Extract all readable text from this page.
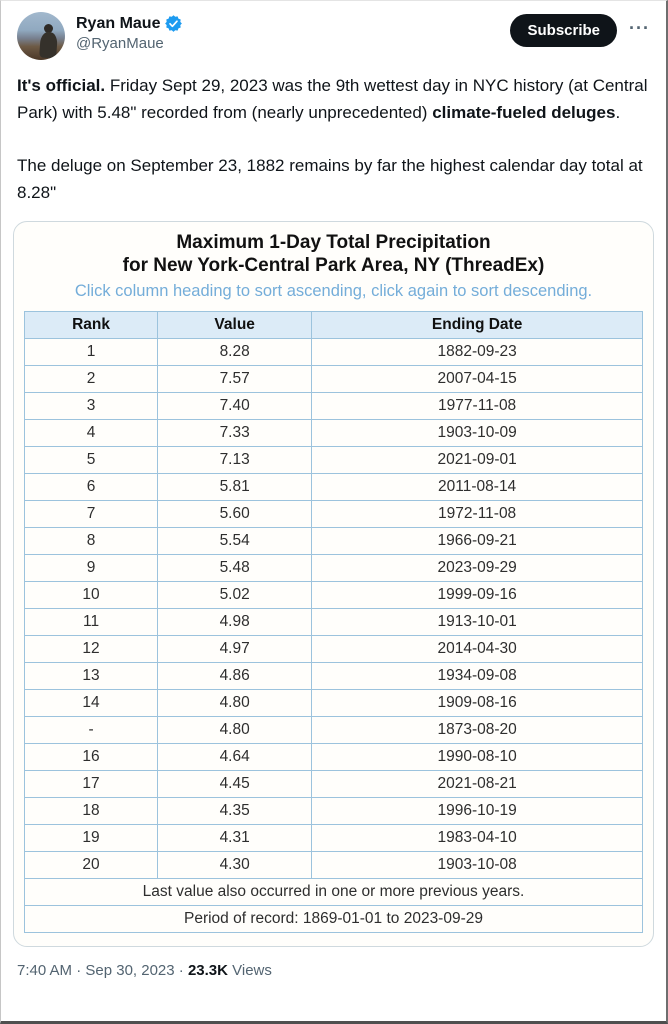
Ryan Maue
@RyanMaue
Subscribe	···

It's official. Friday Sept 29, 2023 was the 9th wettest day in NYC history (at Central Park) with 5.48" recorded from (nearly unprecedented) climate-fueled deluges.

The deluge on September 23, 1882 remains by far the highest calendar day total at 8.28"

Maximum 1-Day Total Precipitation
for New York-Central Park Area, NY (ThreadEx)
Click column heading to sort ascending, click again to sort descending.
Rank	Value	Ending Date
1	8.28	1882-09-23
2	7.57	2007-04-15
3	7.40	1977-11-08
4	7.33	1903-10-09
5	7.13	2021-09-01
6	5.81	2011-08-14
7	5.60	1972-11-08
8	5.54	1966-09-21
9	5.48	2023-09-29
10	5.02	1999-09-16
11	4.98	1913-10-01
12	4.97	2014-04-30
13	4.86	1934-09-08
14	4.80	1909-08-16
-	4.80	1873-08-20
16	4.64	1990-08-10
17	4.45	2021-08-21
18	4.35	1996-10-19
19	4.31	1983-04-10
20	4.30	1903-10-08
Last value also occurred in one or more previous years.		
Period of record: 1869-01-01 to 2023-09-29		
7:40 AM · Sep 30, 2023 · 23.3K Views
